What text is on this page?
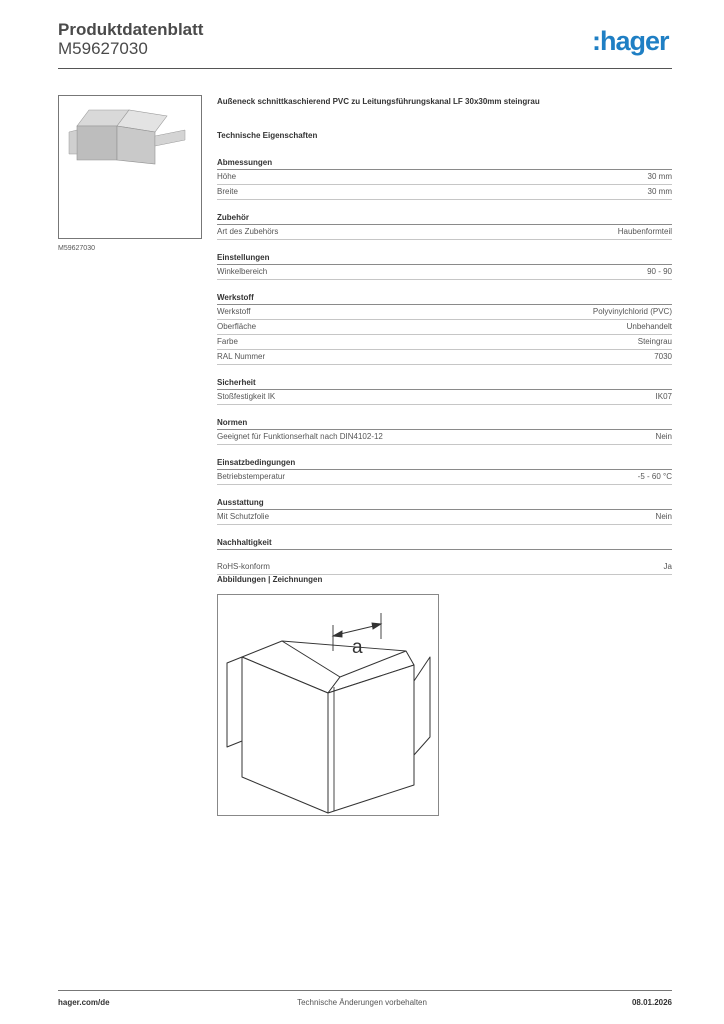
Produktdatenblatt
M59627030	:hager
M59627030
Außeneck schnittkaschierend PVC zu Leitungsführungskanal LF 30x30mm steingrau
Technische Eigenschaften
Abmessungen
Höhe	30 mm
Breite	30 mm
Zubehör
Art des Zubehörs	Haubenformteil
Einstellungen
Winkelbereich	90 - 90
Werkstoff
Werkstoff	Polyvinylchlorid (PVC)
Oberfläche	Unbehandelt
Farbe	Steingrau
RAL Nummer	7030
Sicherheit
Stoßfestigkeit IK	IK07
Normen
Geeignet für Funktionserhalt nach DIN4102-12	Nein
Einsatzbedingungen
Betriebstemperatur	-5 - 60 °C
Ausstattung
Mit Schutzfolie	Nein
Nachhaltigkeit
RoHS-konform	Ja
Abbildungen | Zeichnungen
a
hager.com/de	Technische Änderungen vorbehalten	08.01.2026
